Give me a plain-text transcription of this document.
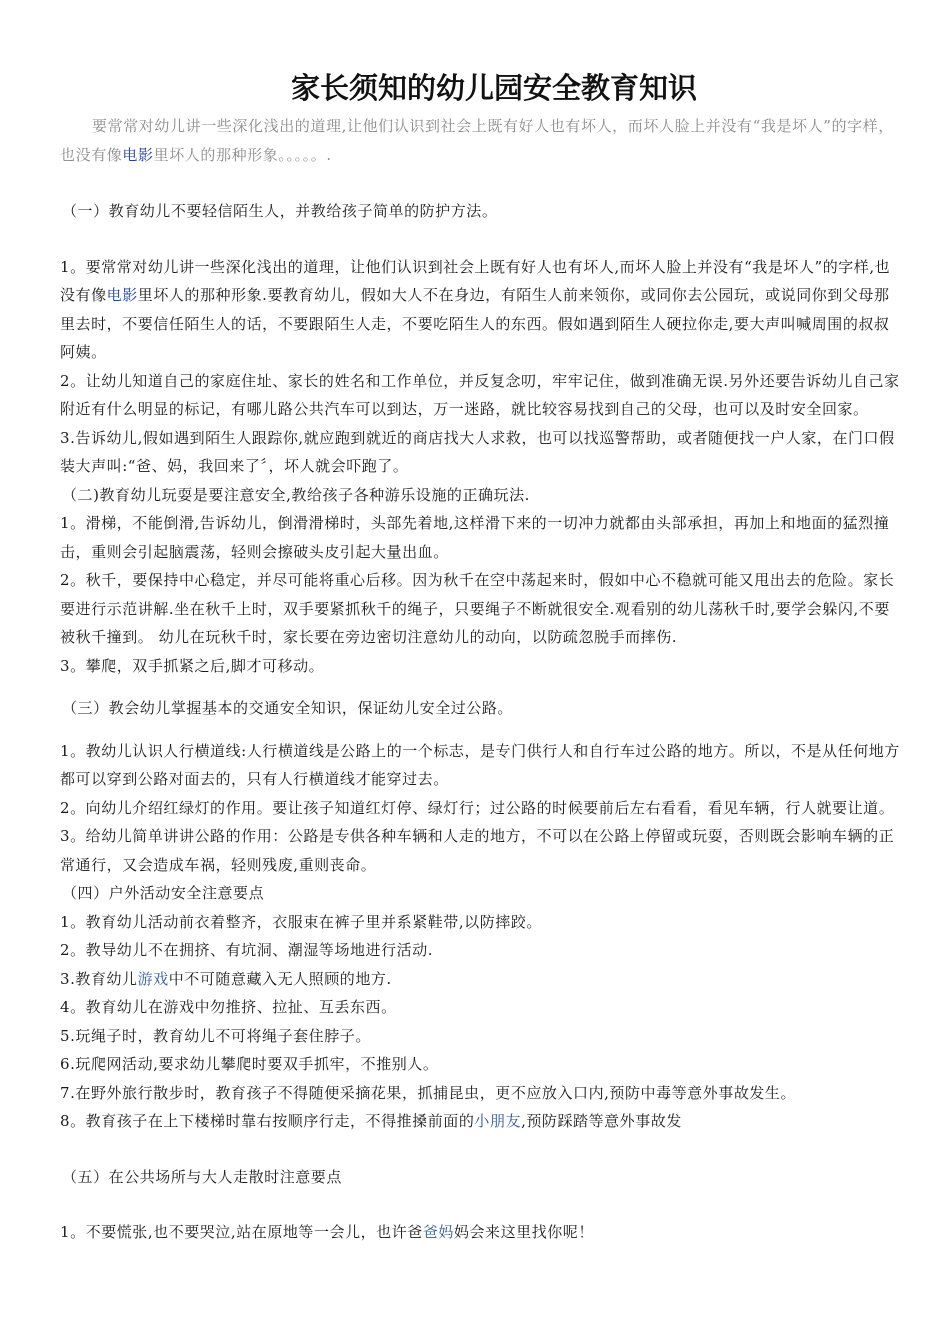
家长须知的幼儿园安全教育知识

要常常对幼儿讲一些深化浅出的道理,让他们认识到社会上既有好人也有坏人，而坏人脸上并没有“我是坏人”的字样，也没有像电影里坏人的那种形象。。。。。.

（一）教育幼儿不要轻信陌生人，并教给孩子简单的防护方法。

1。要常常对幼儿讲一些深化浅出的道理，让他们认识到社会上既有好人也有坏人,而坏人脸上并没有“我是坏人”的字样,也没有像电影里坏人的那种形象.要教育幼儿，假如大人不在身边，有陌生人前来领你，或同你去公园玩，或说同你到父母那里去时，不要信任陌生人的话，不要跟陌生人走，不要吃陌生人的东西。假如遇到陌生人硬拉你走,要大声叫喊周围的叔叔阿姨。

2。让幼儿知道自己的家庭住址、家长的姓名和工作单位，并反复念叨，牢牢记住，做到准确无误.另外还要告诉幼儿自己家附近有什么明显的标记，有哪儿路公共汽车可以到达，万一迷路，就比较容易找到自己的父母，也可以及时安全回家。

3.告诉幼儿,假如遇到陌生人跟踪你,就应跑到就近的商店找大人求救，也可以找巡警帮助，或者随便找一户人家，在门口假装大声叫:“爸、妈，我回来了〞，坏人就会吓跑了。

（二)教育幼儿玩耍是要注意安全,教给孩子各种游乐设施的正确玩法.

1。滑梯，不能倒滑,告诉幼儿，倒滑滑梯时，头部先着地,这样滑下来的一切冲力就都由头部承担，再加上和地面的猛烈撞击，重则会引起脑震荡，轻则会擦破头皮引起大量出血。

2。秋千，要保持中心稳定，并尽可能将重心后移。因为秋千在空中荡起来时，假如中心不稳就可能又甩出去的危险。家长要进行示范讲解.坐在秋千上时，双手要紧抓秋千的绳子，只要绳子不断就很安全.观看别的幼儿荡秋千时,要学会躲闪,不要被秋千撞到。 幼儿在玩秋千时，家长要在旁边密切注意幼儿的动向，以防疏忽脱手而摔伤.

3。攀爬，双手抓紧之后,脚才可移动。

（三）教会幼儿掌握基本的交通安全知识，保证幼儿安全过公路。

1。教幼儿认识人行横道线:人行横道线是公路上的一个标志，是专门供行人和自行车过公路的地方。所以，不是从任何地方都可以穿到公路对面去的，只有人行横道线才能穿过去。

2。向幼儿介绍红绿灯的作用。要让孩子知道红灯停、绿灯行；过公路的时候要前后左右看看，看见车辆，行人就要让道。

3。给幼儿简单讲讲公路的作用：公路是专供各种车辆和人走的地方，不可以在公路上停留或玩耍，否则既会影响车辆的正常通行，又会造成车祸，轻则残废,重则丧命。

（四）户外活动安全注意要点

1。教育幼儿活动前衣着整齐，衣服束在裤子里并系紧鞋带,以防摔跤。

2。教导幼儿不在拥挤、有坑洞、潮湿等场地进行活动.

3.教育幼儿游戏中不可随意藏入无人照顾的地方.

4。教育幼儿在游戏中勿推挤、拉扯、互丢东西。

5.玩绳子时，教育幼儿不可将绳子套住脖子。

6.玩爬网活动,要求幼儿攀爬时要双手抓牢，不推别人。

7.在野外旅行散步时，教育孩子不得随便采摘花果，抓捕昆虫，更不应放入口内,预防中毒等意外事故发生。

8。教育孩子在上下楼梯时靠右按顺序行走，不得推搡前面的小朋友,预防踩踏等意外事故发

（五）在公共场所与大人走散时注意要点

1。不要慌张,也不要哭泣,站在原地等一会儿，也许爸爸妈妈会来这里找你呢！
